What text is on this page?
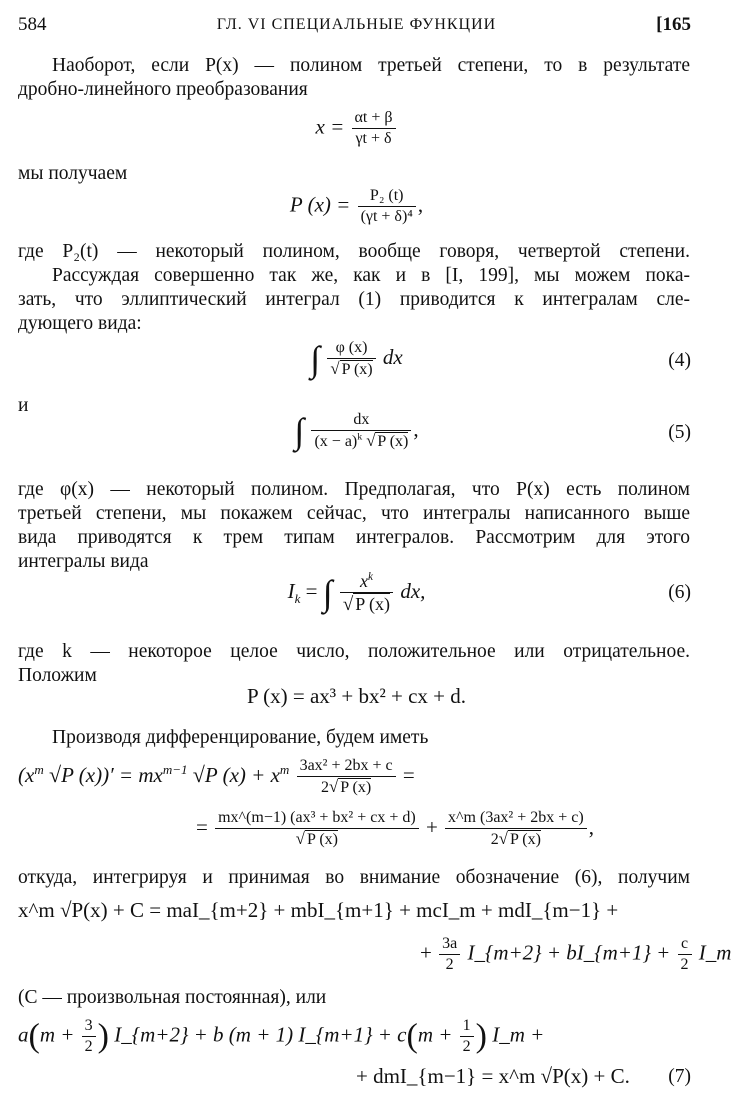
584	ГЛ. VI СПЕЦИАЛЬНЫЕ ФУНКЦИИ	[165
Наоборот, если P(x) — полином третьей степени, то в результате
дробно-линейного преобразования
$x = \frac{\alpha t + \beta}{\gamma t + \delta}$
мы получаем
P $(x) = \frac{\text{P₂ (t)}}{\text{(γt + δ)⁴}}$ ,
где P₂(t) — некоторый полином, вообще говоря, четвертой степени.
Рассуждая совершенно так же, как и в [I, 199], мы можем пока-
зать, что эллиптический интеграл (1) приводится к интегралам сле-
дующего вида:
∫ $\frac{\varphi (x)}{√ P (x)}$ dx	(4)
и
∫ $\frac{dx}{(x - a)^k √ P (x)}$ ,	(5)
где φ(x) — некоторый полином. Предполагая, что P(x) есть полином
третьей степени, мы покажем сейчас, что интегралы написанного выше
вида приводятся к трем типам интегралов. Рассмотрим для этого
интегралы вида
$I_k$ = ∫ $\frac{x^k}{√ P (x)}$ dx,	(6)
где k — некоторое целое число, положительное или отрицательное.
Положим
P (x) = ax³ + bx² + cx + d.
Производя дифференцирование, будем иметь
($x^m$ √P $(x))' = mx^{m-1}$ √P $(x) + x^m \frac{\text{3ax² + 2bx + c}}{2√ P (x)}$ =
= $\frac{\text{mx\textasciicircum{}(m−1) (ax³ + bx² + cx + d)}}{√ P (x)} + \frac{\text{x\textasciicircum{}m (3ax² + 2bx + c)}}{2√ P (x)}$ ,
откуда, интегрируя и принимая во внимание обозначение (6), получим
x^m √P(x) + C = maI_{m+2} + mbI_{m+1} + mcI_m + mdI_{m−1} +
+ $\frac{3a}{2}$ I_{m+2} + bI_{m+1} + $\frac{c}{2}$ I_m
(C — произвольная постоянная), или
$a(m + \frac{3}{2}$ ) I_{m+2} + b (m + 1) I_{m+1} + $c(m + \frac{1}{2}$ ) I_m +
+ dmI_{m−1} = x^m √P(x) + C. (7)
